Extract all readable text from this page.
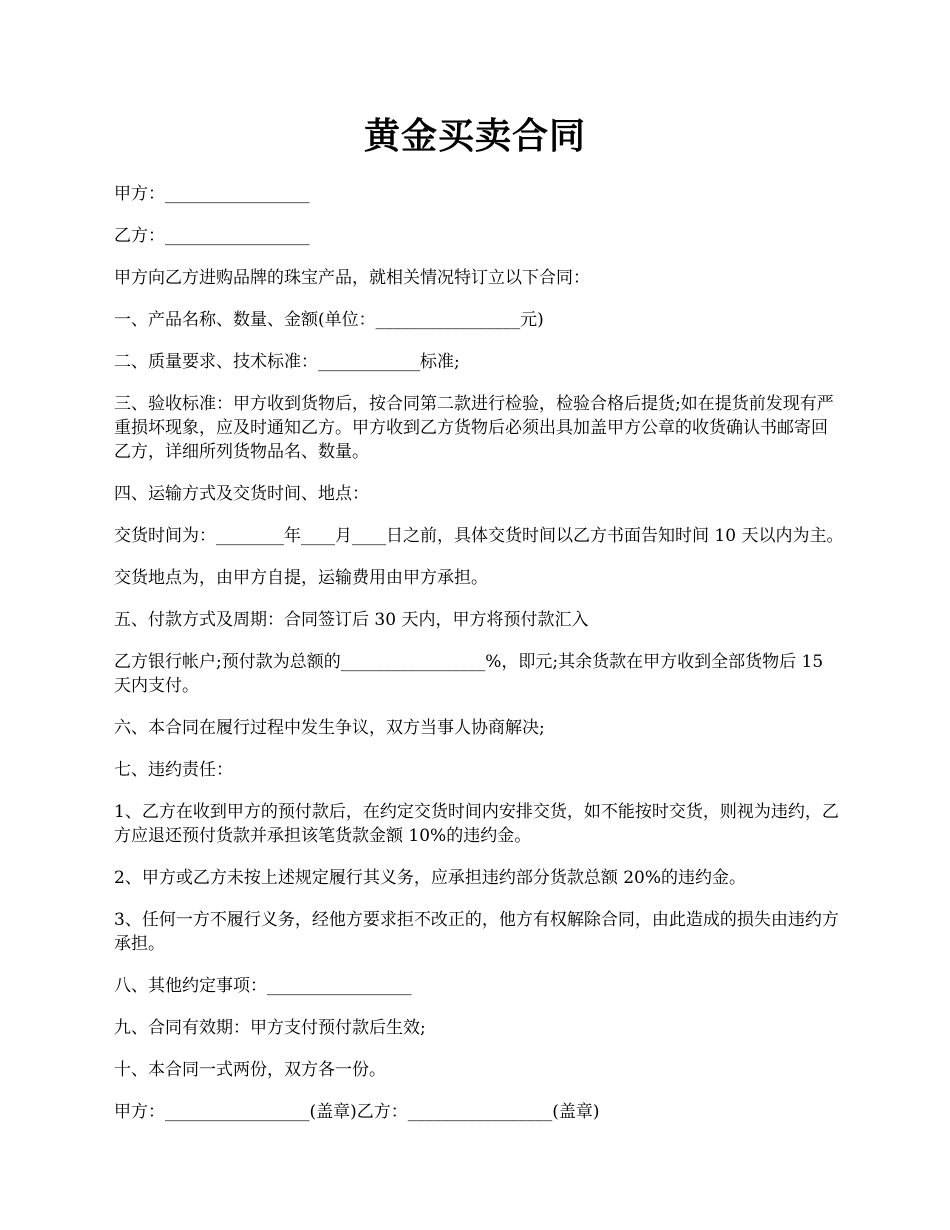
黄金买卖合同

甲方：_________________

乙方：_________________

甲方向乙方进购品牌的珠宝产品，就相关情况特订立以下合同：

一、产品名称、数量、金额(单位：_________________元)

二、质量要求、技术标准：____________标准;

三、验收标准：甲方收到货物后，按合同第二款进行检验，检验合格后提货;如在提货前发现有严重损坏现象，应及时通知乙方。甲方收到乙方货物后必须出具加盖甲方公章的收货确认书邮寄回乙方，详细所列货物品名、数量。

四、运输方式及交货时间、地点：

交货时间为：________年____月____日之前，具体交货时间以乙方书面告知时间 10 天以内为主。

交货地点为，由甲方自提，运输费用由甲方承担。

五、付款方式及周期：合同签订后 30 天内，甲方将预付款汇入

乙方银行帐户;预付款为总额的_________________%，即元;其余货款在甲方收到全部货物后 15 天内支付。

六、本合同在履行过程中发生争议，双方当事人协商解决;

七、违约责任：

1、乙方在收到甲方的预付款后，在约定交货时间内安排交货，如不能按时交货，则视为违约，乙方应退还预付货款并承担该笔货款金额 10%的违约金。

2、甲方或乙方未按上述规定履行其义务，应承担违约部分货款总额 20%的违约金。

3、任何一方不履行义务，经他方要求拒不改正的，他方有权解除合同，由此造成的损失由违约方承担。

八、其他约定事项：_________________

九、合同有效期：甲方支付预付款后生效;

十、本合同一式两份，双方各一份。

甲方：_________________(盖章)乙方：_________________(盖章)
